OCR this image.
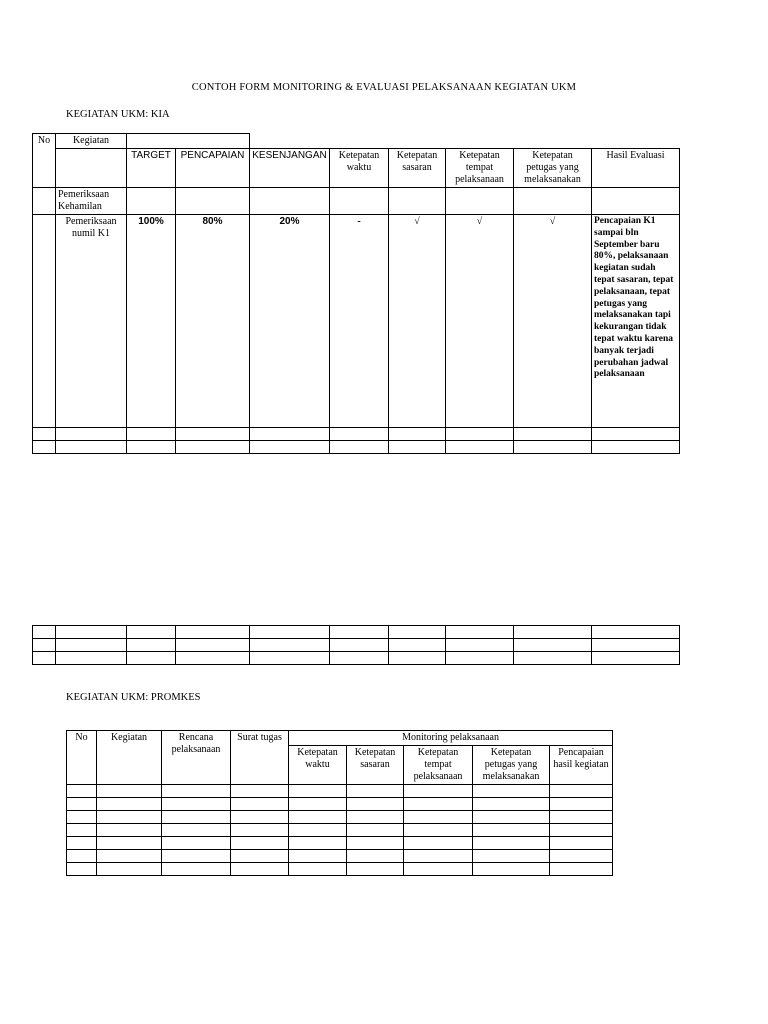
CONTOH FORM MONITORING & EVALUASI PELAKSANAAN KEGIATAN UKM
KEGIATAN UKM: KIA
No	Kegiatan								
		TARGET	PENCAPAIAN	KESENJANGAN	Ketepatan waktu	Ketepatan sasaran	Ketepatan tempat pelaksanaan	Ketepatan petugas yang melaksanakan	Hasil Evaluasi
	Pemeriksaan Kehamilan								
	Pemeriksaan numil K1	100%	80%	20%	-	√	√	√	Pencapaian K1 sampai bln September baru 80%, pelaksanaan kegiatan sudah tepat sasaran, tepat pelaksanaan, tepat petugas yang melaksanakan tapi kekurangan tidak tepat waktu karena banyak terjadi perubahan jadwal pelaksanaan

KEGIATAN UKM: PROMKES
No	Kegiatan	Rencana pelaksanaan	Surat tugas	Monitoring pelaksanaan				
				Ketepatan waktu	Ketepatan sasaran	Ketepatan tempat pelaksanaan	Ketepatan petugas yang melaksanakan	Pencapaian hasil kegiatan
